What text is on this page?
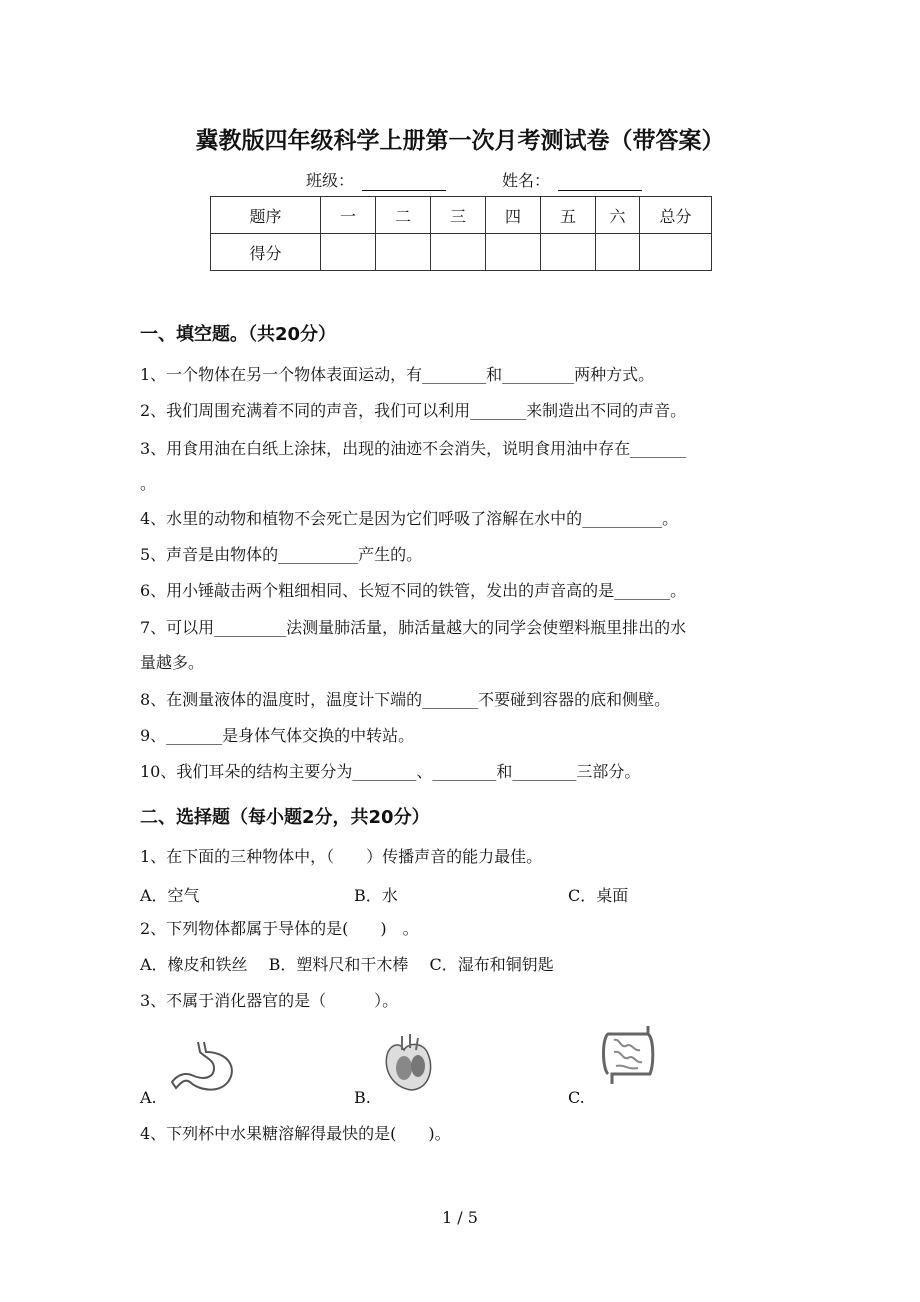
冀教版四年级科学上册第一次月考测试卷（带答案）
班级：	姓名：
题序	一	二	三	四	五	六	总分
得分							
一、填空题。（共20分）
1、一个物体在另一个物体表面运动，有________和_________两种方式。
2、我们周围充满着不同的声音，我们可以利用_______来制造出不同的声音。
3、用食用油在白纸上涂抹，出现的油迹不会消失，说明食用油中存在_______
。
4、水里的动物和植物不会死亡是因为它们呼吸了溶解在水中的__________。
5、声音是由物体的__________产生的。
6、用小锤敲击两个粗细相同、长短不同的铁管，发出的声音高的是_______。
7、可以用_________法测量肺活量，肺活量越大的同学会使塑料瓶里排出的水
量越多。
8、在测量液体的温度时，温度计下端的_______不要碰到容器的底和侧壁。
9、_______是身体气体交换的中转站。
10、我们耳朵的结构主要分为________、________和________三部分。
二、选择题（每小题2分，共20分）
1、在下面的三种物体中，（　　）传播声音的能力最佳。
A．空气	B．水	C．桌面
2、下列物体都属于导体的是(　　)　。
A．橡皮和铁丝　 B．塑料尺和干木棒　 C．湿布和铜钥匙
3、不属于消化器官的是（　　　）。
A.	B.	C.
4、下列杯中水果糖溶解得最快的是(　　)。
1 / 5
